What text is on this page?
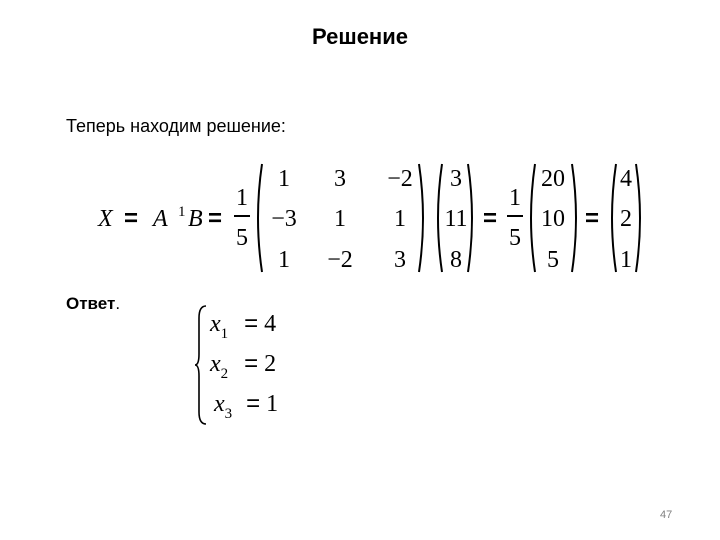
Решение
Теперь находим решение:
X = A 1 B =
1
5
1	3	−2
−3	1	1
1	−2	3
3
11
8
=
1
5
20
10
5
=
4
2
1
Ответ.
$x_1 = 4$
$x_2 = 2$
$x_3 = 1$
47
